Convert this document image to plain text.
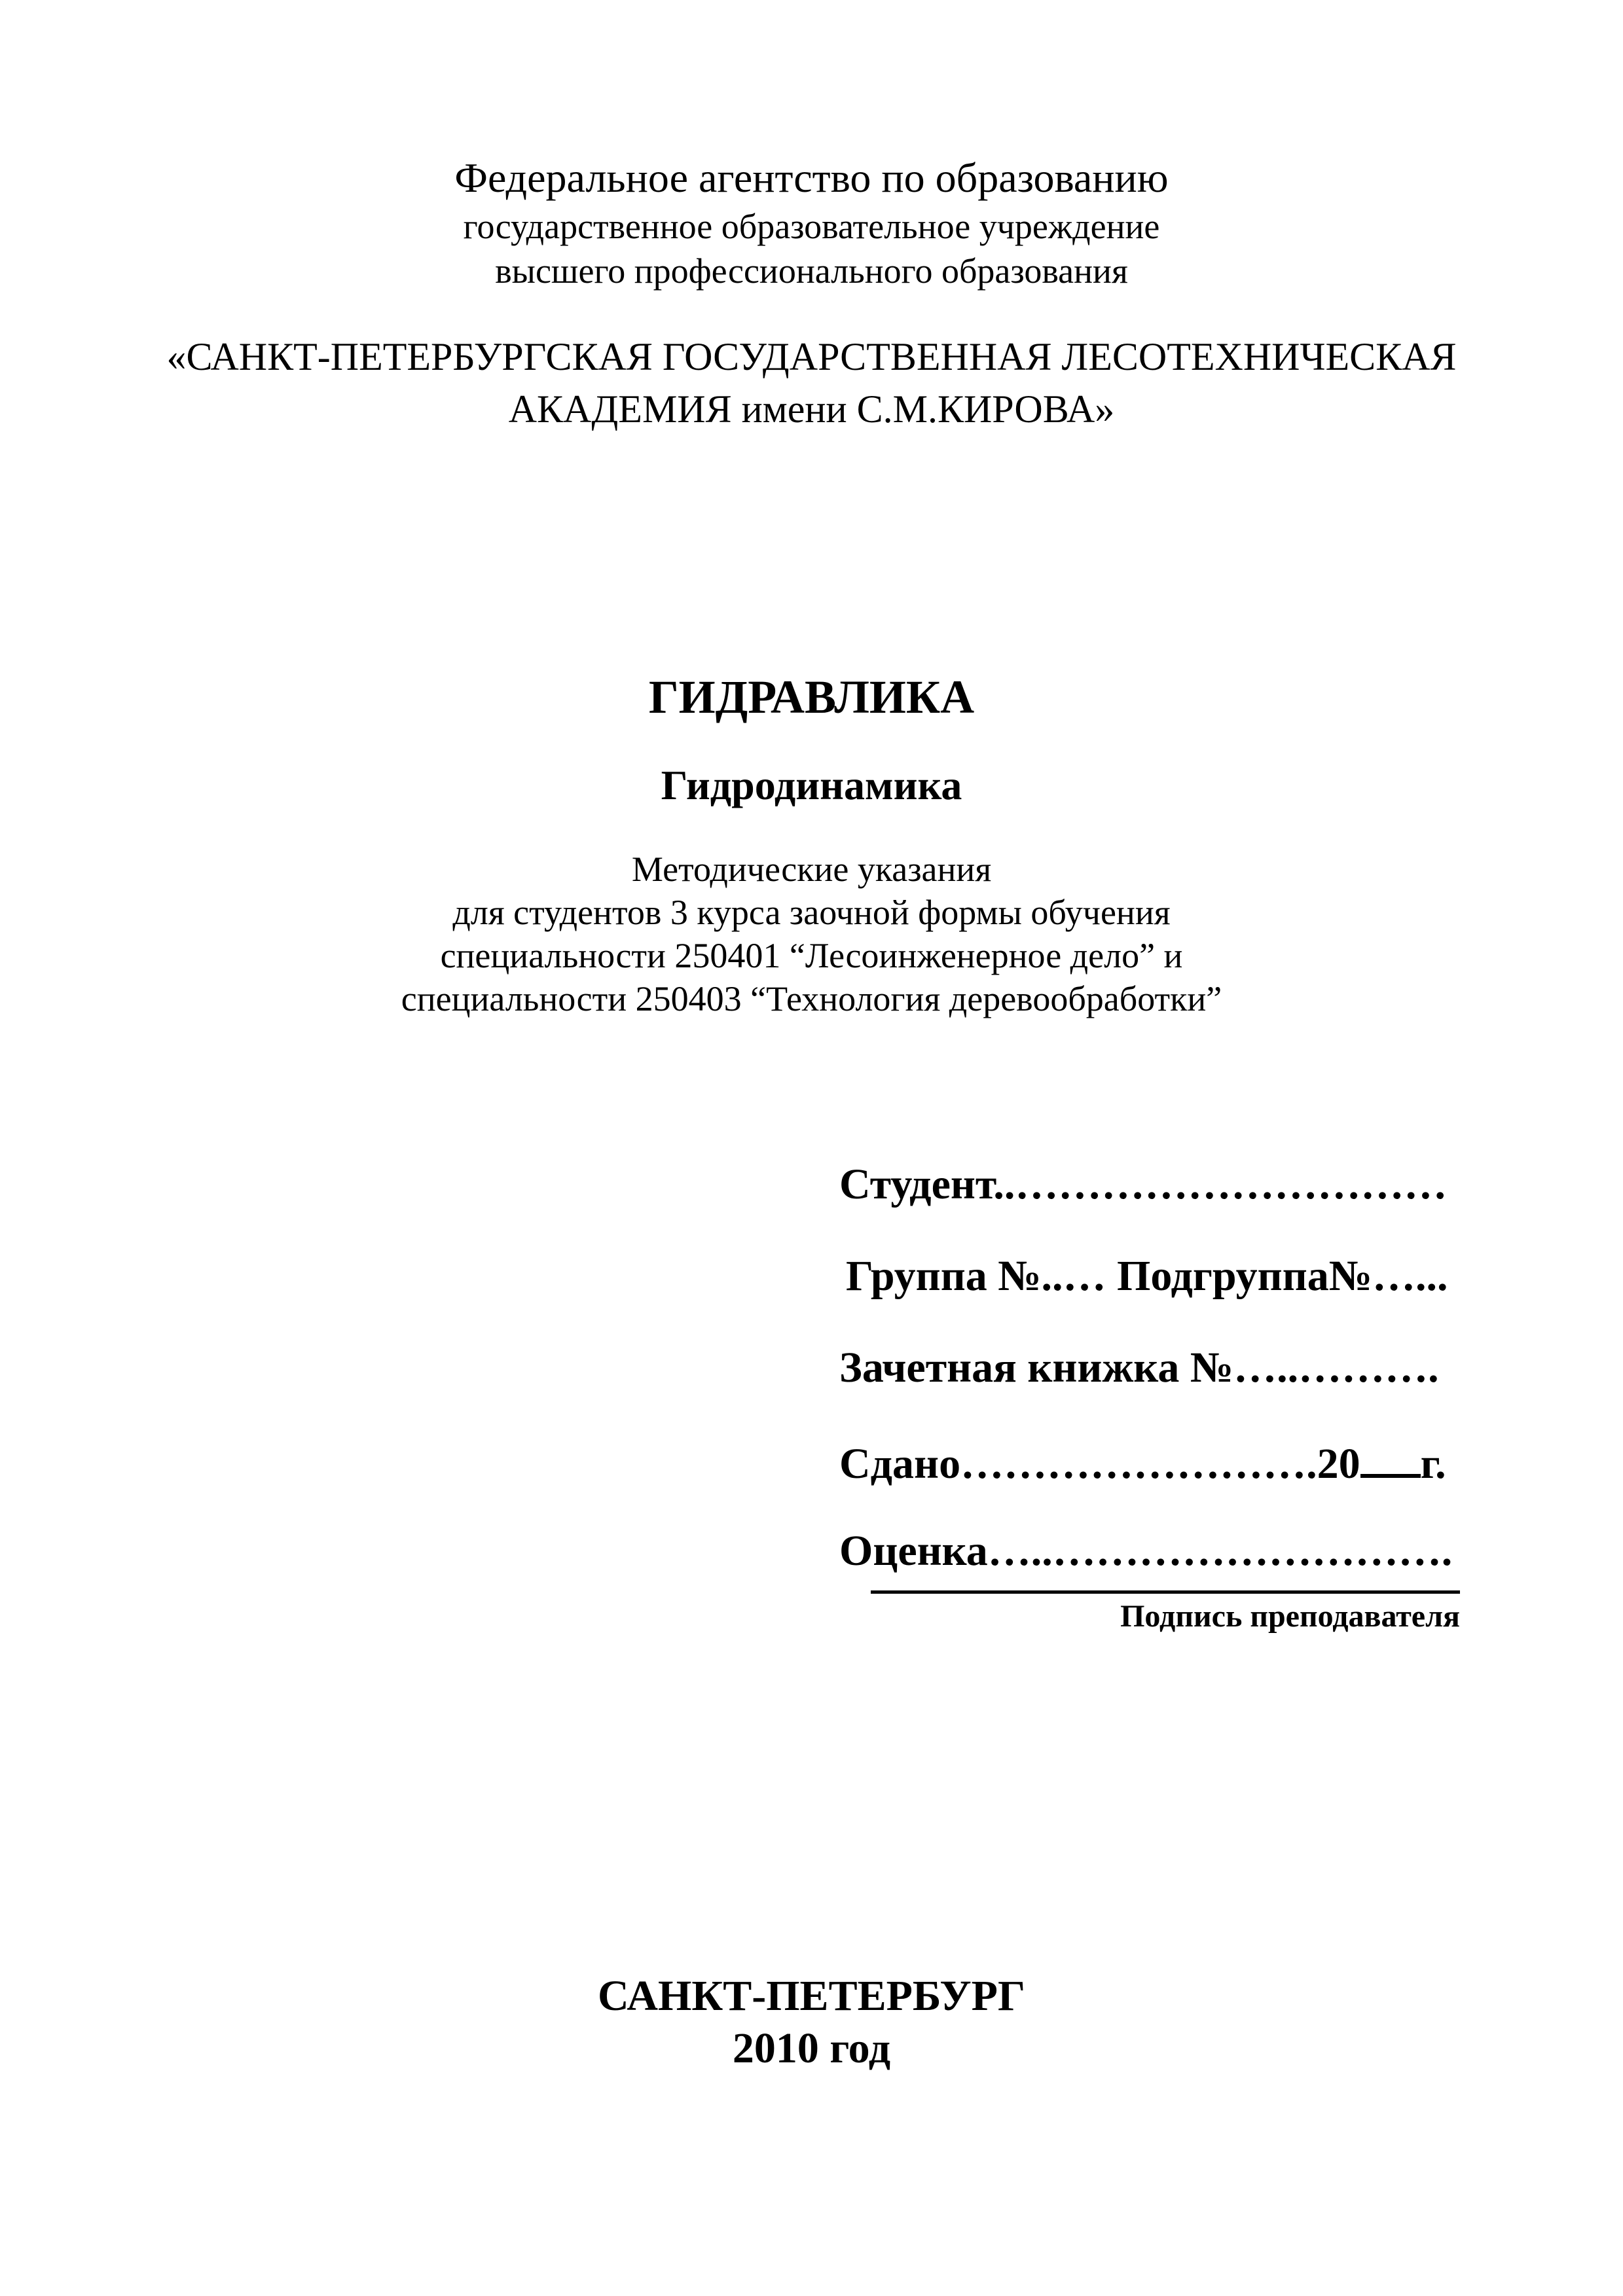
Федеральное агентство по образованию
государственное образовательное учреждение
высшего профессионального образования
«САНКТ-ПЕТЕРБУРГСКАЯ ГОСУДАРСТВЕННАЯ ЛЕСОТЕХНИЧЕСКАЯ
АКАДЕМИЯ имени С.М.КИРОВА»
ГИДРАВЛИКА
Гидродинамика
Методические указания
для студентов 3 курса заочной формы обучения
специальности 250401 “Лесоинженерное дело” и
специальности 250403 “Технология деревообработки”
Студент..…………………………
Группа №..… Подгруппа№…...
Зачетная книжка №…..……….
Сдано…………………….20 г.
Оценка…..……………………….
Подпись преподавателя
САНКТ-ПЕТЕРБУРГ
2010 год
